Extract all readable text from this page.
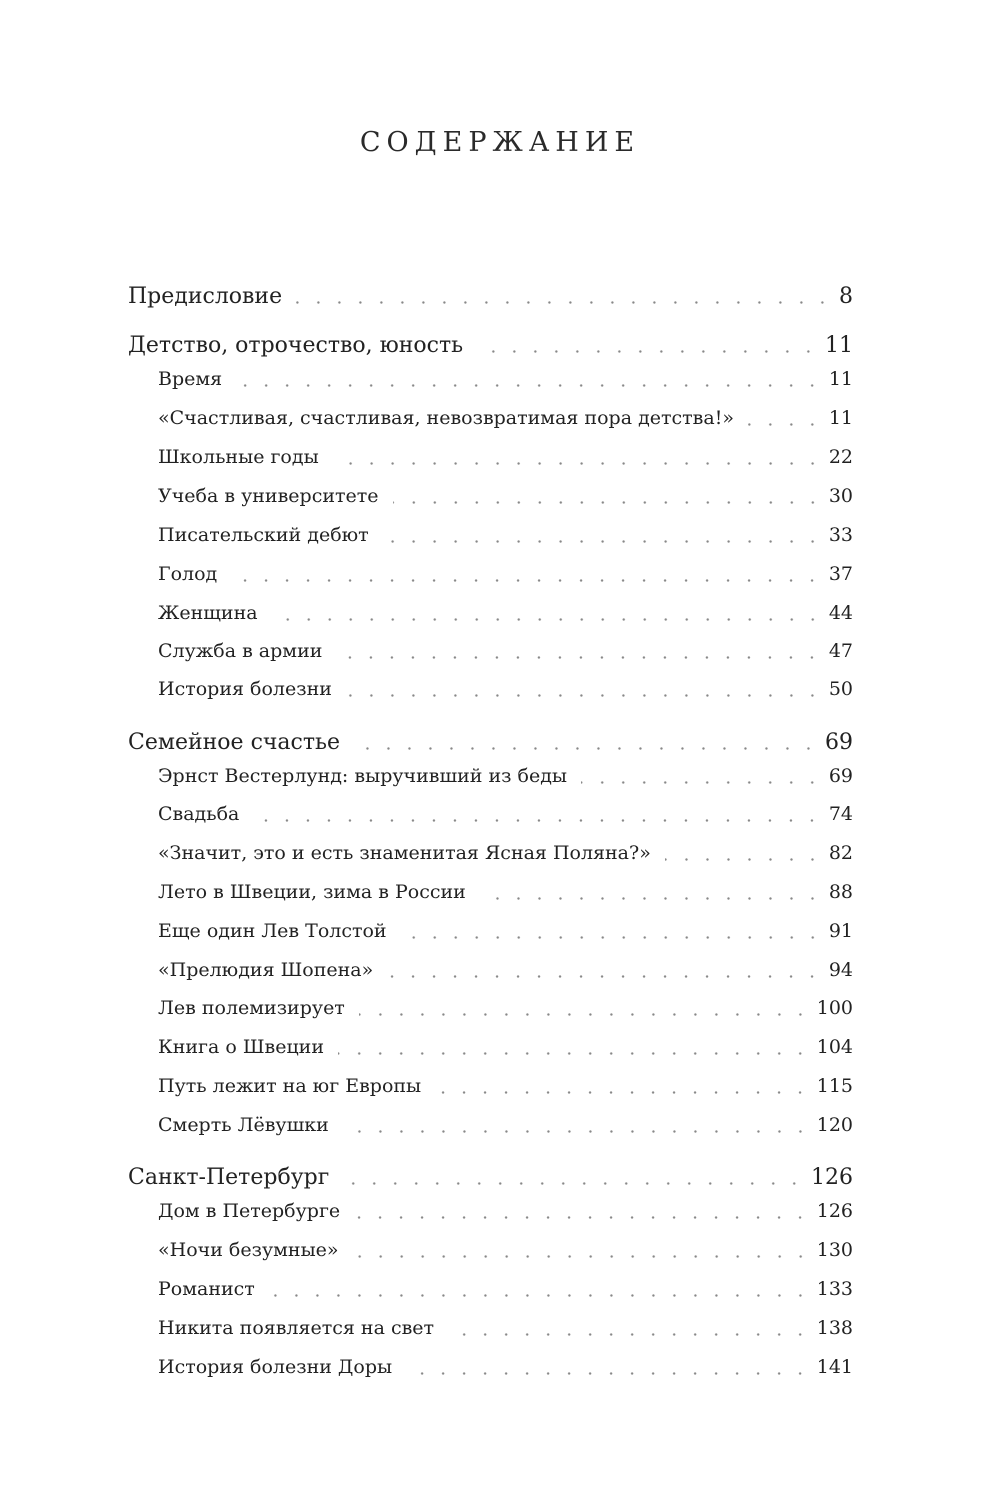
СОДЕРЖАНИЕ
Предисловие	8
Детство, отрочество, юность	11
Время	11
«Счастливая, счастливая, невозвратимая пора детства!»	11
Школьные годы	22
Учеба в университете	30
Писательский дебют	33
Голод	37
Женщина	44
Служба в армии	47
История болезни	50
Семейное счастье	69
Эрнст Вестерлунд: выручивший из беды	69
Свадьба	74
«Значит, это и есть знаменитая Ясная Поляна?»	82
Лето в Швеции, зима в России	88
Еще один Лев Толстой	91
«Прелюдия Шопена»	94
Лев полемизирует	100
Книга о Швеции	104
Путь лежит на юг Европы	115
Смерть Лёвушки	120
Санкт-Петербург	126
Дом в Петербурге	126
«Ночи безумные»	130
Романист	133
Никита появляется на свет	138
История болезни Доры	141
